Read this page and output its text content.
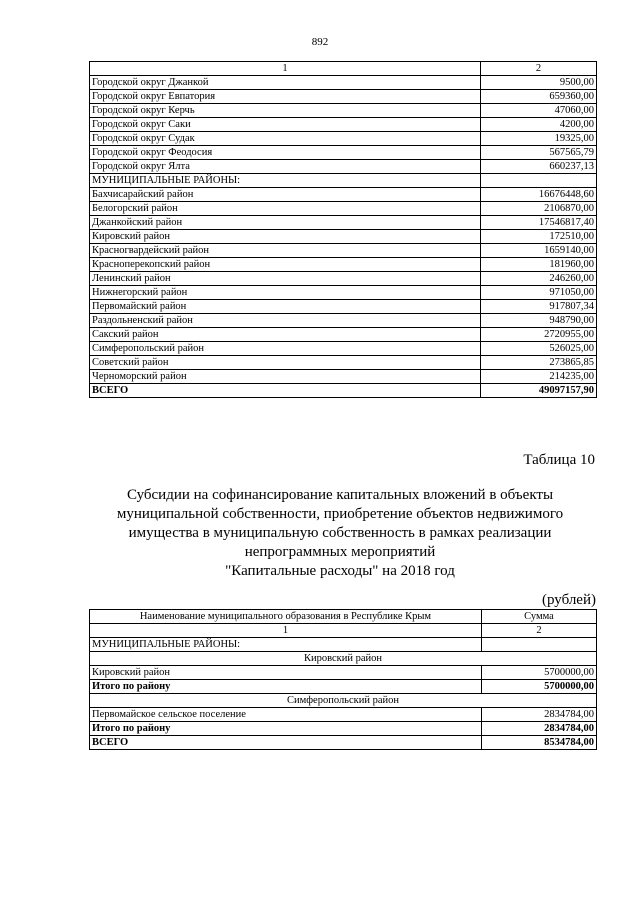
892
1	2
Городской округ Джанкой	9500,00
Городской округ Евпатория	659360,00
Городской округ Керчь	47060,00
Городской округ Саки	4200,00
Городской округ Судак	19325,00
Городской округ Феодосия	567565,79
Городской округ Ялта	660237,13
МУНИЦИПАЛЬНЫЕ РАЙОНЫ:	
Бахчисарайский район	16676448,60
Белогорский район	2106870,00
Джанкойский район	17546817,40
Кировский район	172510,00
Красногвардейский район	1659140,00
Красноперекопский район	181960,00
Ленинский район	246260,00
Нижнегорский район	971050,00
Первомайский район	917807,34
Раздольненский район	948790,00
Сакский район	2720955,00
Симферопольский район	526025,00
Советский район	273865,85
Черноморский район	214235,00
ВСЕГО	49097157,90
Таблица 10
Субсидии на софинансирование капитальных вложений в объекты
муниципальной собственности, приобретение объектов недвижимого
имущества в муниципальную собственность в рамках реализации
непрограммных мероприятий
"Капитальные расходы" на 2018 год
(рублей)
Наименование муниципального образования в Республике Крым	Сумма
1	2
МУНИЦИПАЛЬНЫЕ РАЙОНЫ:	
Кировский район	
Кировский район	5700000,00
Итого по району	5700000,00
Симферопольский район	
Первомайское сельское поселение	2834784,00
Итого по району	2834784,00
ВСЕГО	8534784,00
